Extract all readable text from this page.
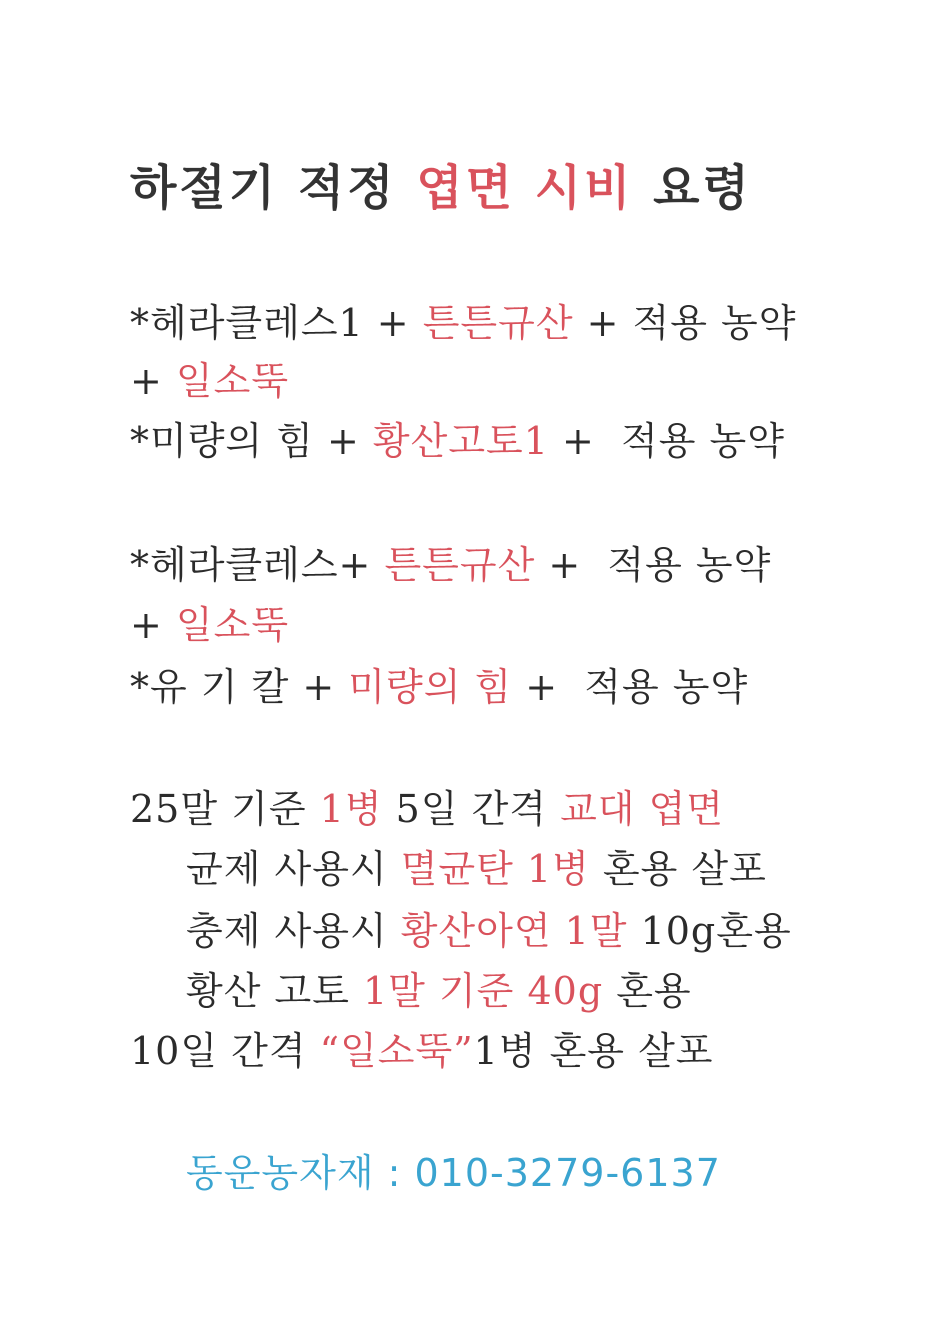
하절기 적정 엽면 시비 요령
*헤라클레스1 + 튼튼규산 + 적용 농약
+ 일소뚝
*미량의 힘 + 황산고토1 +  적용 농약
*헤라클레스+ 튼튼규산 +  적용 농약
+ 일소뚝
*유 기 칼 + 미량의 힘 +  적용 농약
25말 기준 1병 5일 간격 교대 엽면
균제 사용시 멸균탄 1병 혼용 살포
충제 사용시 황산아연 1말 10g혼용
황산 고토 1말 기준 40g 혼용
10일 간격 “일소뚝”1병 혼용 살포
동운농자재 : 010-3279-6137
